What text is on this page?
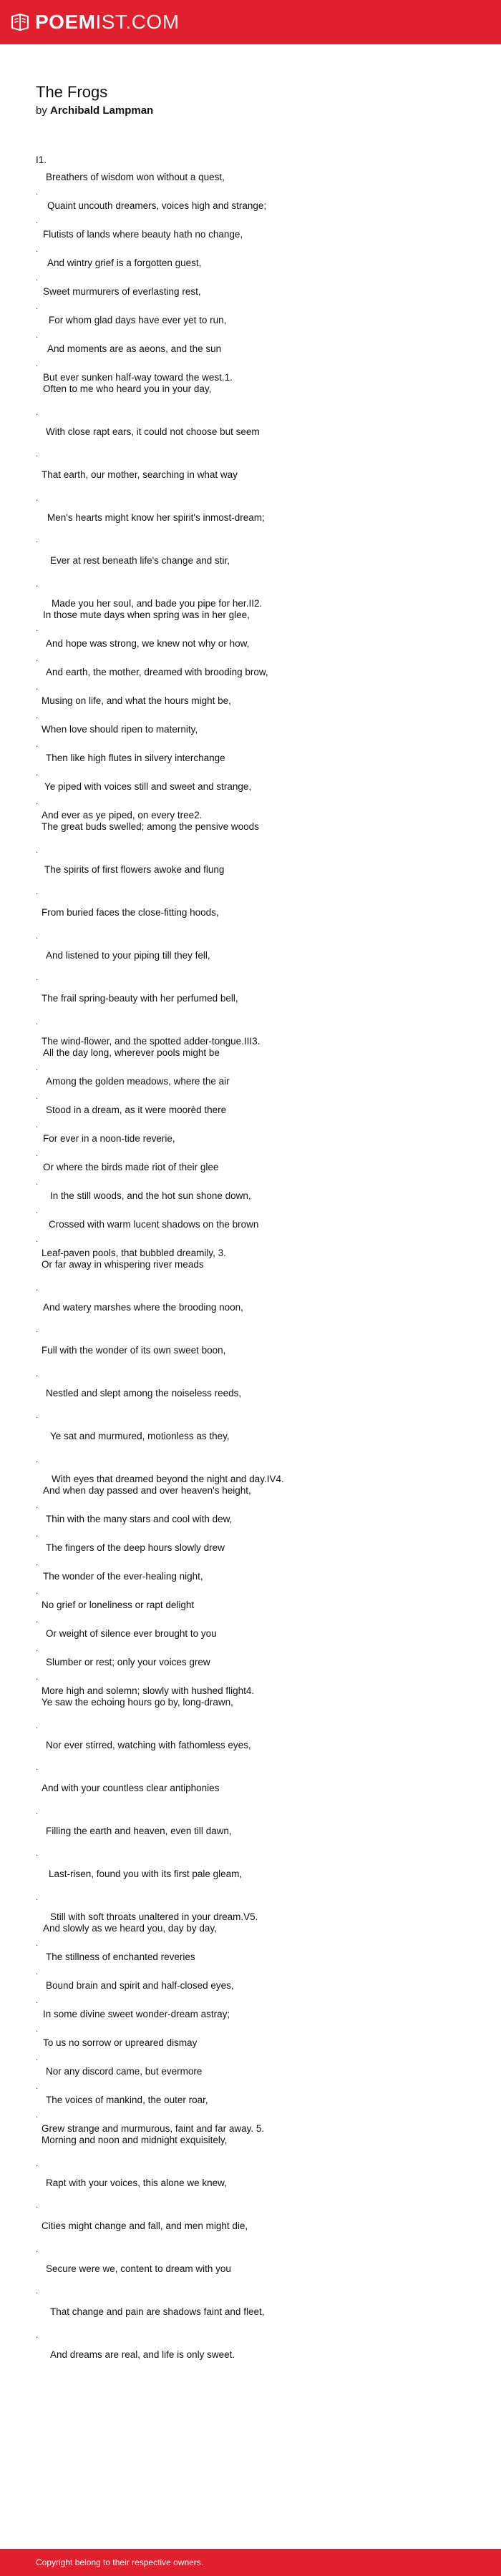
POEMIST.COM
The Frogs
by Archibald Lampman
I1.
Breathers of wisdom won without a quest,
.
Quaint uncouth dreamers, voices high and strange;
.
Flutists of lands where beauty hath no change,
.
And wintry grief is a forgotten guest,
.
Sweet murmurers of everlasting rest,
.
For whom glad days have ever yet to run,
.
And moments are as aeons, and the sun
.
But ever sunken half-way toward the west.1.
Often to me who heard you in your day,
.
With close rapt ears, it could not choose but seem
.
That earth, our mother, searching in what way
.
Men's hearts might know her spirit's inmost-dream;
.
Ever at rest beneath life's change and stir,
.
Made you her soul, and bade you pipe for her.II2.
In those mute days when spring was in her glee,
.
And hope was strong, we knew not why or how,
.
And earth, the mother, dreamed with brooding brow,
.
Musing on life, and what the hours might be,
.
When love should ripen to maternity,
.
Then like high flutes in silvery interchange
.
Ye piped with voices still and sweet and strange,
.
And ever as ye piped, on every tree2.
The great buds swelled; among the pensive woods
.
The spirits of first flowers awoke and flung
.
From buried faces the close-fitting hoods,
.
And listened to your piping till they fell,
.
The frail spring-beauty with her perfumed bell,
.
The wind-flower, and the spotted adder-tongue.III3.
All the day long, wherever pools might be
.
Among the golden meadows, where the air
.
Stood in a dream, as it were moorèd there
.
For ever in a noon-tide reverie,
.
Or where the birds made riot of their glee
.
In the still woods, and the hot sun shone down,
.
Crossed with warm lucent shadows on the brown
.
Leaf-paven pools, that bubbled dreamily, 3.
Or far away in whispering river meads
.
And watery marshes where the brooding noon,
.
Full with the wonder of its own sweet boon,
.
Nestled and slept among the noiseless reeds,
.
Ye sat and murmured, motionless as they,
.
With eyes that dreamed beyond the night and day.IV4.
And when day passed and over heaven's height,
.
Thin with the many stars and cool with dew,
.
The fingers of the deep hours slowly drew
.
The wonder of the ever-healing night,
.
No grief or loneliness or rapt delight
.
Or weight of silence ever brought to you
.
Slumber or rest; only your voices grew
.
More high and solemn; slowly with hushed flight4.
Ye saw the echoing hours go by, long-drawn,
.
Nor ever stirred, watching with fathomless eyes,
.
And with your countless clear antiphonies
.
Filling the earth and heaven, even till dawn,
.
Last-risen, found you with its first pale gleam,
.
Still with soft throats unaltered in your dream.V5.
And slowly as we heard you, day by day,
.
The stillness of enchanted reveries
.
Bound brain and spirit and half-closed eyes,
.
In some divine sweet wonder-dream astray;
.
To us no sorrow or upreared dismay
.
Nor any discord came, but evermore
.
The voices of mankind, the outer roar,
.
Grew strange and murmurous, faint and far away. 5.
Morning and noon and midnight exquisitely,
.
Rapt with your voices, this alone we knew,
.
Cities might change and fall, and men might die,
.
Secure were we, content to dream with you
.
That change and pain are shadows faint and fleet,
.
And dreams are real, and life is only sweet.
Copyright belong to their respective owners.
